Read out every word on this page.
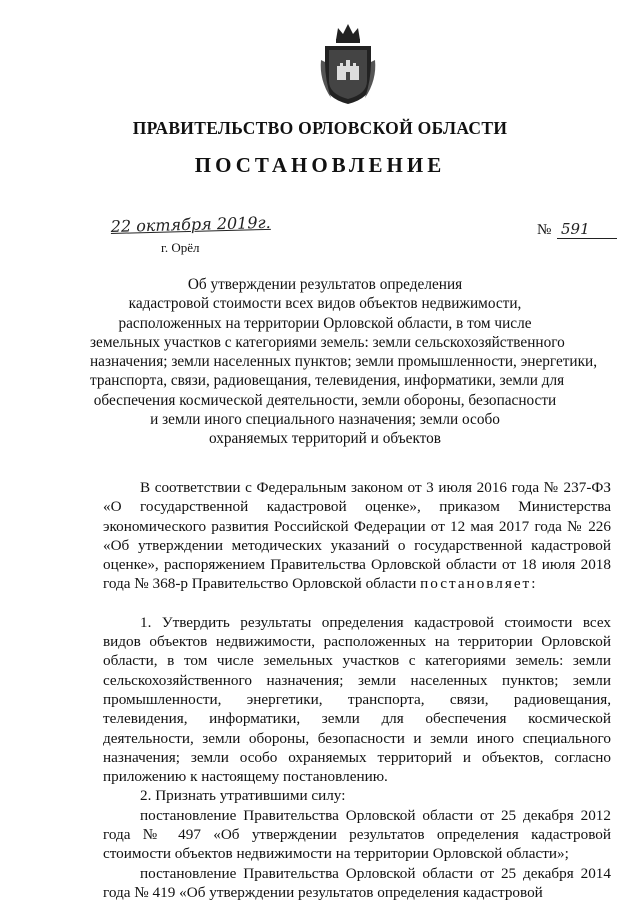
ПРАВИТЕЛЬСТВО ОРЛОВСКОЙ ОБЛАСТИ
ПОСТАНОВЛЕНИЕ
22 октября 2019г.	№ 591
г. Орёл
Об утверждении результатов определения
кадастровой стоимости всех видов объектов недвижимости,
расположенных на территории Орловской области, в том числе
земельных участков с категориями земель: земли сельскохозяйственного
назначения; земли населенных пунктов; земли промышленности, энергетики,
транспорта, связи, радиовещания, телевидения, информатики, земли для
обеспечения космической деятельности, земли обороны, безопасности
и земли иного специального назначения; земли особо
охраняемых территорий и объектов

В соответствии с Федеральным законом от 3 июля 2016 года № 237-ФЗ «О государственной кадастровой оценке», приказом Министерства экономического развития Российской Федерации от 12 мая 2017 года № 226 «Об утверждении методических указаний о государственной кадастровой оценке», распоряжением Правительства Орловской области от 18 июля 2018 года № 368-р Правительство Орловской области постановляет:

1. Утвердить результаты определения кадастровой стоимости всех видов объектов недвижимости, расположенных на территории Орловской области, в том числе земельных участков с категориями земель: земли сельскохозяйственного назначения; земли населенных пунктов; земли промышленности, энергетики, транспорта, связи, радиовещания, телевидения, информатики, земли для обеспечения космической деятельности, земли обороны, безопасности и земли иного специального назначения; земли особо охраняемых территорий и объектов, согласно приложению к настоящему постановлению.

2. Признать утратившими силу:

постановление Правительства Орловской области от 25 декабря 2012 года № 497 «Об утверждении результатов определения кадастровой стоимости объектов недвижимости на территории Орловской области»;

постановление Правительства Орловской области от 25 декабря 2014 года № 419 «Об утверждении результатов определения кадастровой
